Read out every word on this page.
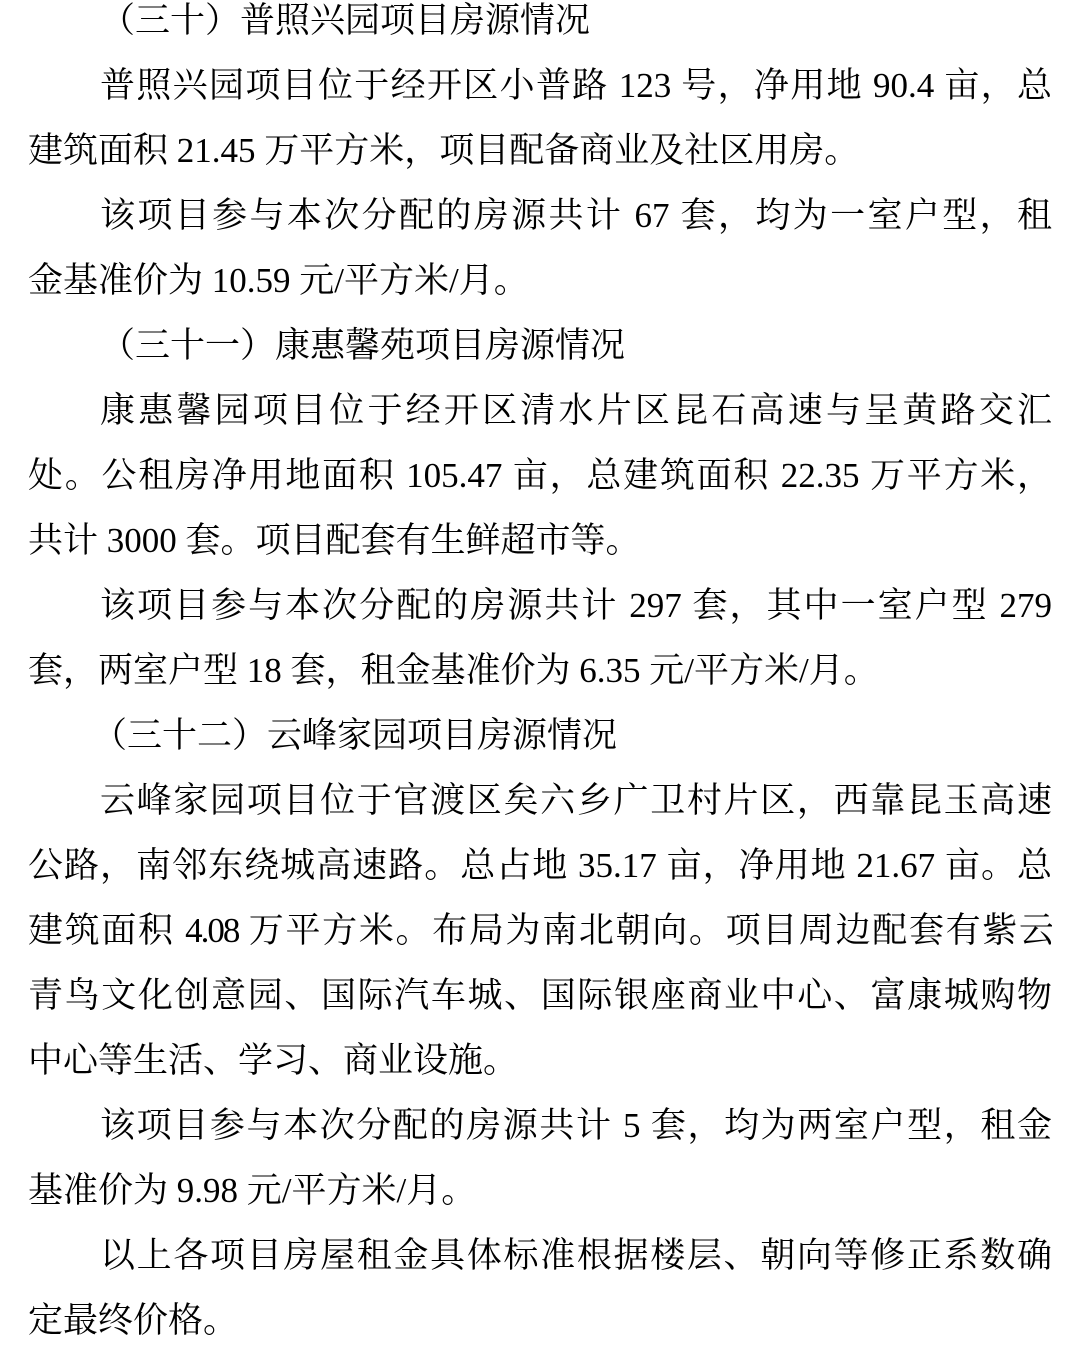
（三十）普照兴园项目房源情况
普照兴园项目位于经开区小普路 123 号，净用地 90.4 亩，总
建筑面积 21.45 万平方米，项目配备商业及社区用房。
该项目参与本次分配的房源共计 67 套，均为一室户型，租
金基准价为 10.59 元/平方米/月。
（三十一）康惠馨苑项目房源情况
康惠馨园项目位于经开区清水片区昆石高速与呈黄路交汇
处。公租房净用地面积 105.47 亩，总建筑面积 22.35 万平方米，
共计 3000 套。项目配套有生鲜超市等。
该项目参与本次分配的房源共计 297 套，其中一室户型 279
套，两室户型 18 套，租金基准价为 6.35 元/平方米/月。
（三十二）云峰家园项目房源情况
云峰家园项目位于官渡区矣六乡广卫村片区，西靠昆玉高速
公路，南邻东绕城高速路。总占地 35.17 亩，净用地 21.67 亩。总
建筑面积 4.08 万平方米。布局为南北朝向。项目周边配套有紫云
青鸟文化创意园、国际汽车城、国际银座商业中心、富康城购物
中心等生活、学习、商业设施。
该项目参与本次分配的房源共计 5 套，均为两室户型，租金
基准价为 9.98 元/平方米/月。
以上各项目房屋租金具体标准根据楼层、朝向等修正系数确
定最终价格。
